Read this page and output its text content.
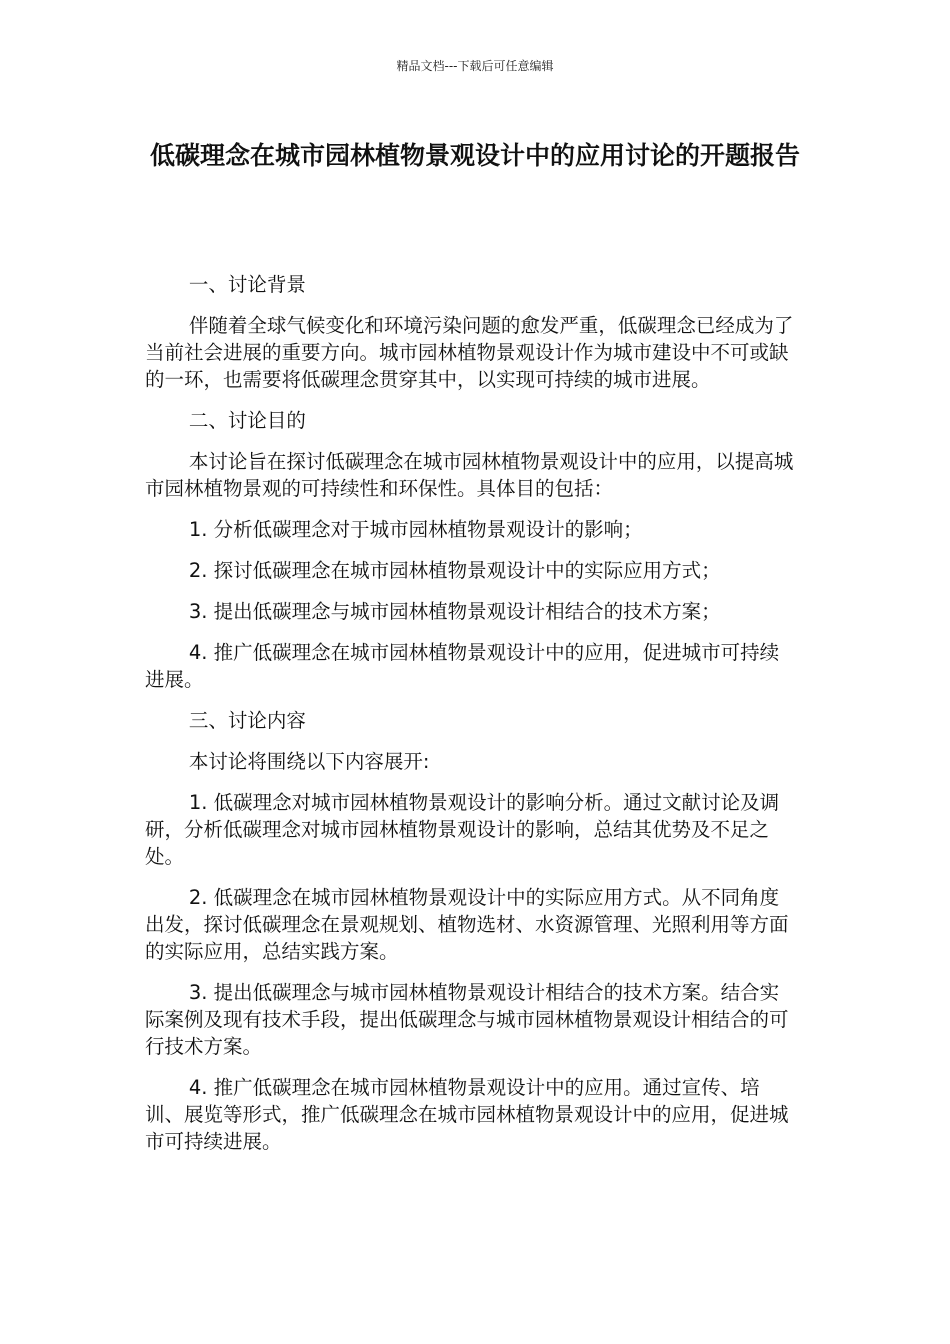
精品文档---下载后可任意编辑
低碳理念在城市园林植物景观设计中的应用讨论的开题报告

一、讨论背景

伴随着全球气候变化和环境污染问题的愈发严重，低碳理念已经成为了当前社会进展的重要方向。城市园林植物景观设计作为城市建设中不可或缺的一环，也需要将低碳理念贯穿其中，以实现可持续的城市进展。

二、讨论目的

本讨论旨在探讨低碳理念在城市园林植物景观设计中的应用，以提高城市园林植物景观的可持续性和环保性。具体目的包括：

1. 分析低碳理念对于城市园林植物景观设计的影响；

2. 探讨低碳理念在城市园林植物景观设计中的实际应用方式；

3. 提出低碳理念与城市园林植物景观设计相结合的技术方案；

4. 推广低碳理念在城市园林植物景观设计中的应用，促进城市可持续进展。

三、讨论内容

本讨论将围绕以下内容展开:

1. 低碳理念对城市园林植物景观设计的影响分析。通过文献讨论及调研，分析低碳理念对城市园林植物景观设计的影响，总结其优势及不足之处。

2. 低碳理念在城市园林植物景观设计中的实际应用方式。从不同角度出发，探讨低碳理念在景观规划、植物选材、水资源管理、光照利用等方面的实际应用，总结实践方案。

3. 提出低碳理念与城市园林植物景观设计相结合的技术方案。结合实际案例及现有技术手段，提出低碳理念与城市园林植物景观设计相结合的可行技术方案。

4. 推广低碳理念在城市园林植物景观设计中的应用。通过宣传、培训、展览等形式，推广低碳理念在城市园林植物景观设计中的应用，促进城市可持续进展。
